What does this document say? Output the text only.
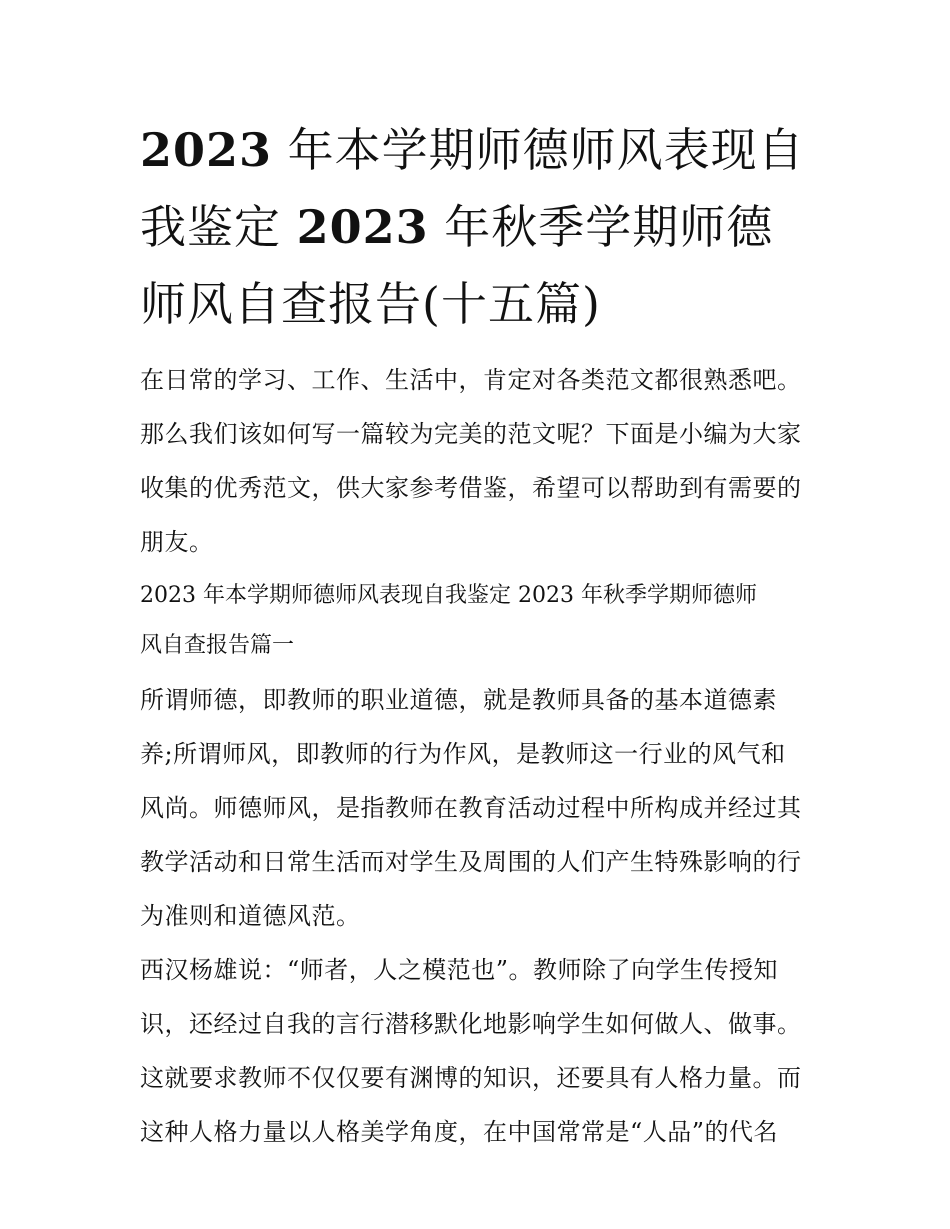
2023 年本学期师德师风表现自
我鉴定 2023 年秋季学期师德
师风自查报告(十五篇)

在日常的学习、工作、生活中，肯定对各类范文都很熟悉吧。

那么我们该如何写一篇较为完美的范文呢？下面是小编为大家

收集的优秀范文，供大家参考借鉴，希望可以帮助到有需要的

朋友。

2023 年本学期师德师风表现自我鉴定 2023 年秋季学期师德师

风自查报告篇一

所谓师德，即教师的职业道德，就是教师具备的基本道德素

养;所谓师风，即教师的行为作风，是教师这一行业的风气和

风尚。师德师风，是指教师在教育活动过程中所构成并经过其

教学活动和日常生活而对学生及周围的人们产生特殊影响的行

为准则和道德风范。

西汉杨雄说：“师者，人之模范也”。教师除了向学生传授知

识，还经过自我的言行潜移默化地影响学生如何做人、做事。

这就要求教师不仅仅要有渊博的知识，还要具有人格力量。而

这种人格力量以人格美学角度，在中国常常是“人品”的代名
